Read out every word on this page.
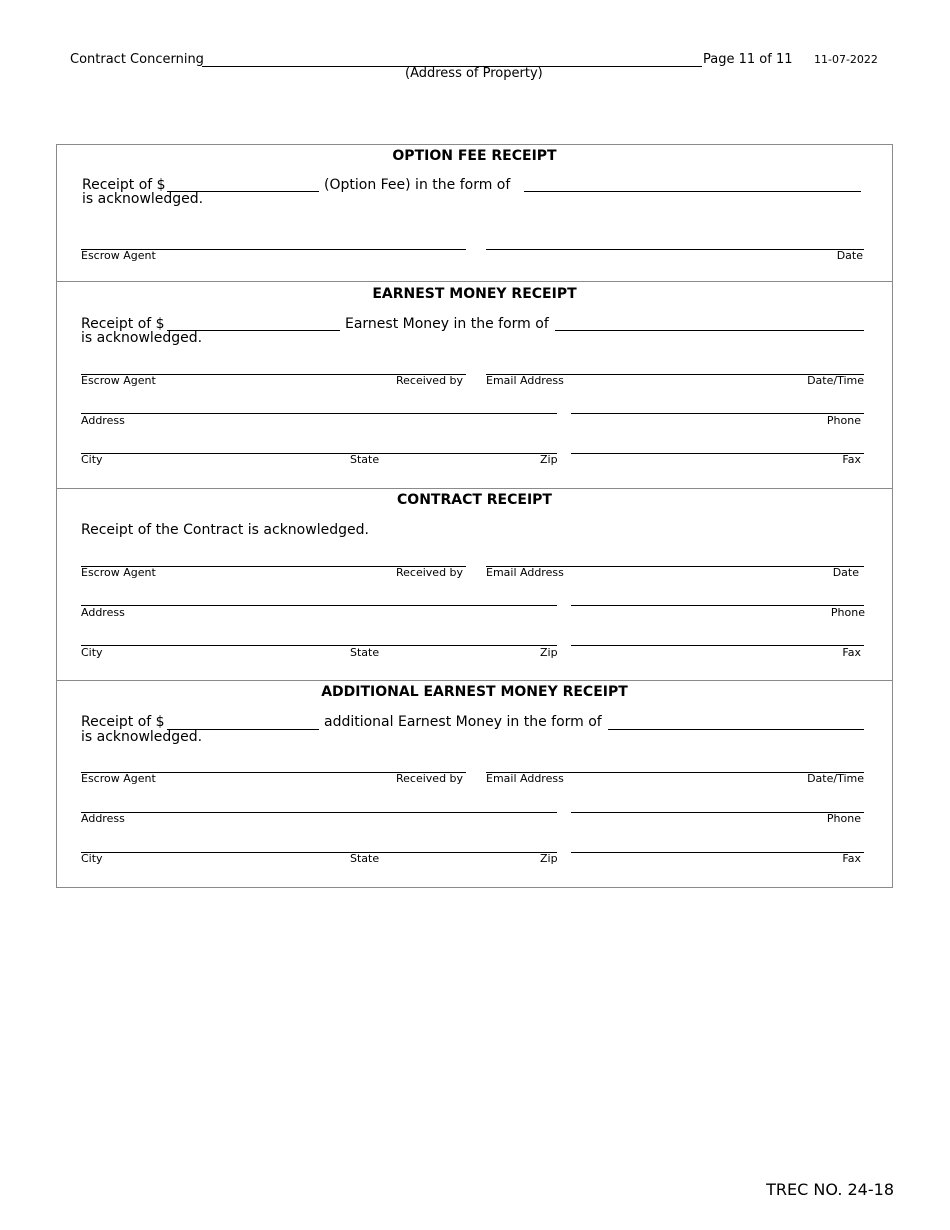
Contract Concerning
(Address of Property)
Page 11 of 11 11-07-2022
OPTION FEE RECEIPT
Receipt of $	(Option Fee) in the form of
is acknowledged.
Escrow Agent	Date
EARNEST MONEY RECEIPT
Receipt of $	Earnest Money in the form of
is acknowledged.
Escrow Agent	Received by Email Address	Date/Time
Address	Phone
City	State	Zip	Fax
CONTRACT RECEIPT
Receipt of the Contract is acknowledged.
Escrow Agent	Received by Email Address	Date
Address	Phone
City	State	Zip	Fax
ADDITIONAL EARNEST MONEY RECEIPT
Receipt of $	additional Earnest Money in the form of
is acknowledged.
Escrow Agent	Received by Email Address	Date/Time
Address	Phone
City	State	Zip	Fax
TREC NO. 24-18
